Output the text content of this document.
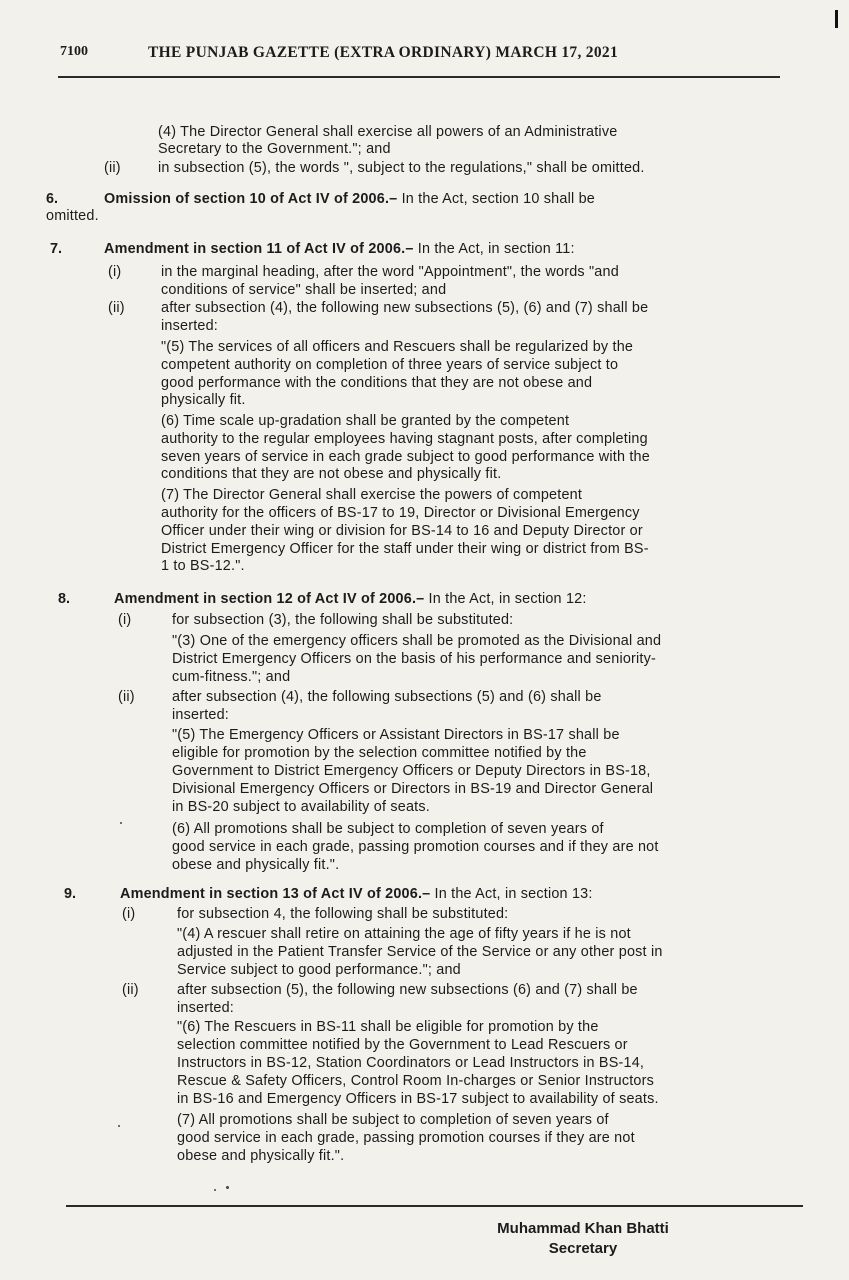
7100	THE PUNJAB GAZETTE (EXTRA ORDINARY) MARCH 17, 2021
(4) The Director General shall exercise all powers of an Administrative
Secretary to the Government."; and
(ii)	in subsection (5), the words ", subject to the regulations," shall be omitted.
6.	Omission of section 10 of Act IV of 2006.– In the Act, section 10 shall be
omitted.
7.	Amendment in section 11 of Act IV of 2006.– In the Act, in section 11:
(i)	in the marginal heading, after the word "Appointment", the words "and
conditions of service" shall be inserted; and
(ii)	after subsection (4), the following new subsections (5), (6) and (7) shall be
inserted:
"(5) The services of all officers and Rescuers shall be regularized by the
competent authority on completion of three years of service subject to
good performance with the conditions that they are not obese and
physically fit.
(6) Time scale up-gradation shall be granted by the competent
authority to the regular employees having stagnant posts, after completing
seven years of service in each grade subject to good performance with the
conditions that they are not obese and physically fit.
(7) The Director General shall exercise the powers of competent
authority for the officers of BS-17 to 19, Director or Divisional Emergency
Officer under their wing or division for BS-14 to 16 and Deputy Director or
District Emergency Officer for the staff under their wing or district from BS-
1 to BS-12.".
8.	Amendment in section 12 of Act IV of 2006.– In the Act, in section 12:
(i)	for subsection (3), the following shall be substituted:
"(3) One of the emergency officers shall be promoted as the Divisional and
District Emergency Officers on the basis of his performance and seniority-
cum-fitness."; and
(ii)	after subsection (4), the following subsections (5) and (6) shall be
inserted:
"(5) The Emergency Officers or Assistant Directors in BS-17 shall be
eligible for promotion by the selection committee notified by the
Government to District Emergency Officers or Deputy Directors in BS-18,
Divisional Emergency Officers or Directors in BS-19 and Director General
in BS-20 subject to availability of seats.
(6) All promotions shall be subject to completion of seven years of
good service in each grade, passing promotion courses and if they are not
obese and physically fit.".
9.	Amendment in section 13 of Act IV of 2006.– In the Act, in section 13:
(i)	for subsection 4, the following shall be substituted:
"(4) A rescuer shall retire on attaining the age of fifty years if he is not
adjusted in the Patient Transfer Service of the Service or any other post in
Service subject to good performance."; and
(ii)	after subsection (5), the following new subsections (6) and (7) shall be
inserted:
"(6) The Rescuers in BS-11 shall be eligible for promotion by the
selection committee notified by the Government to Lead Rescuers or
Instructors in BS-12, Station Coordinators or Lead Instructors in BS-14,
Rescue & Safety Officers, Control Room In-charges or Senior Instructors
in BS-16 and Emergency Officers in BS-17 subject to availability of seats.
(7) All promotions shall be subject to completion of seven years of
good service in each grade, passing promotion courses if they are not
obese and physically fit.".
Muhammad Khan Bhatti
Secretary
